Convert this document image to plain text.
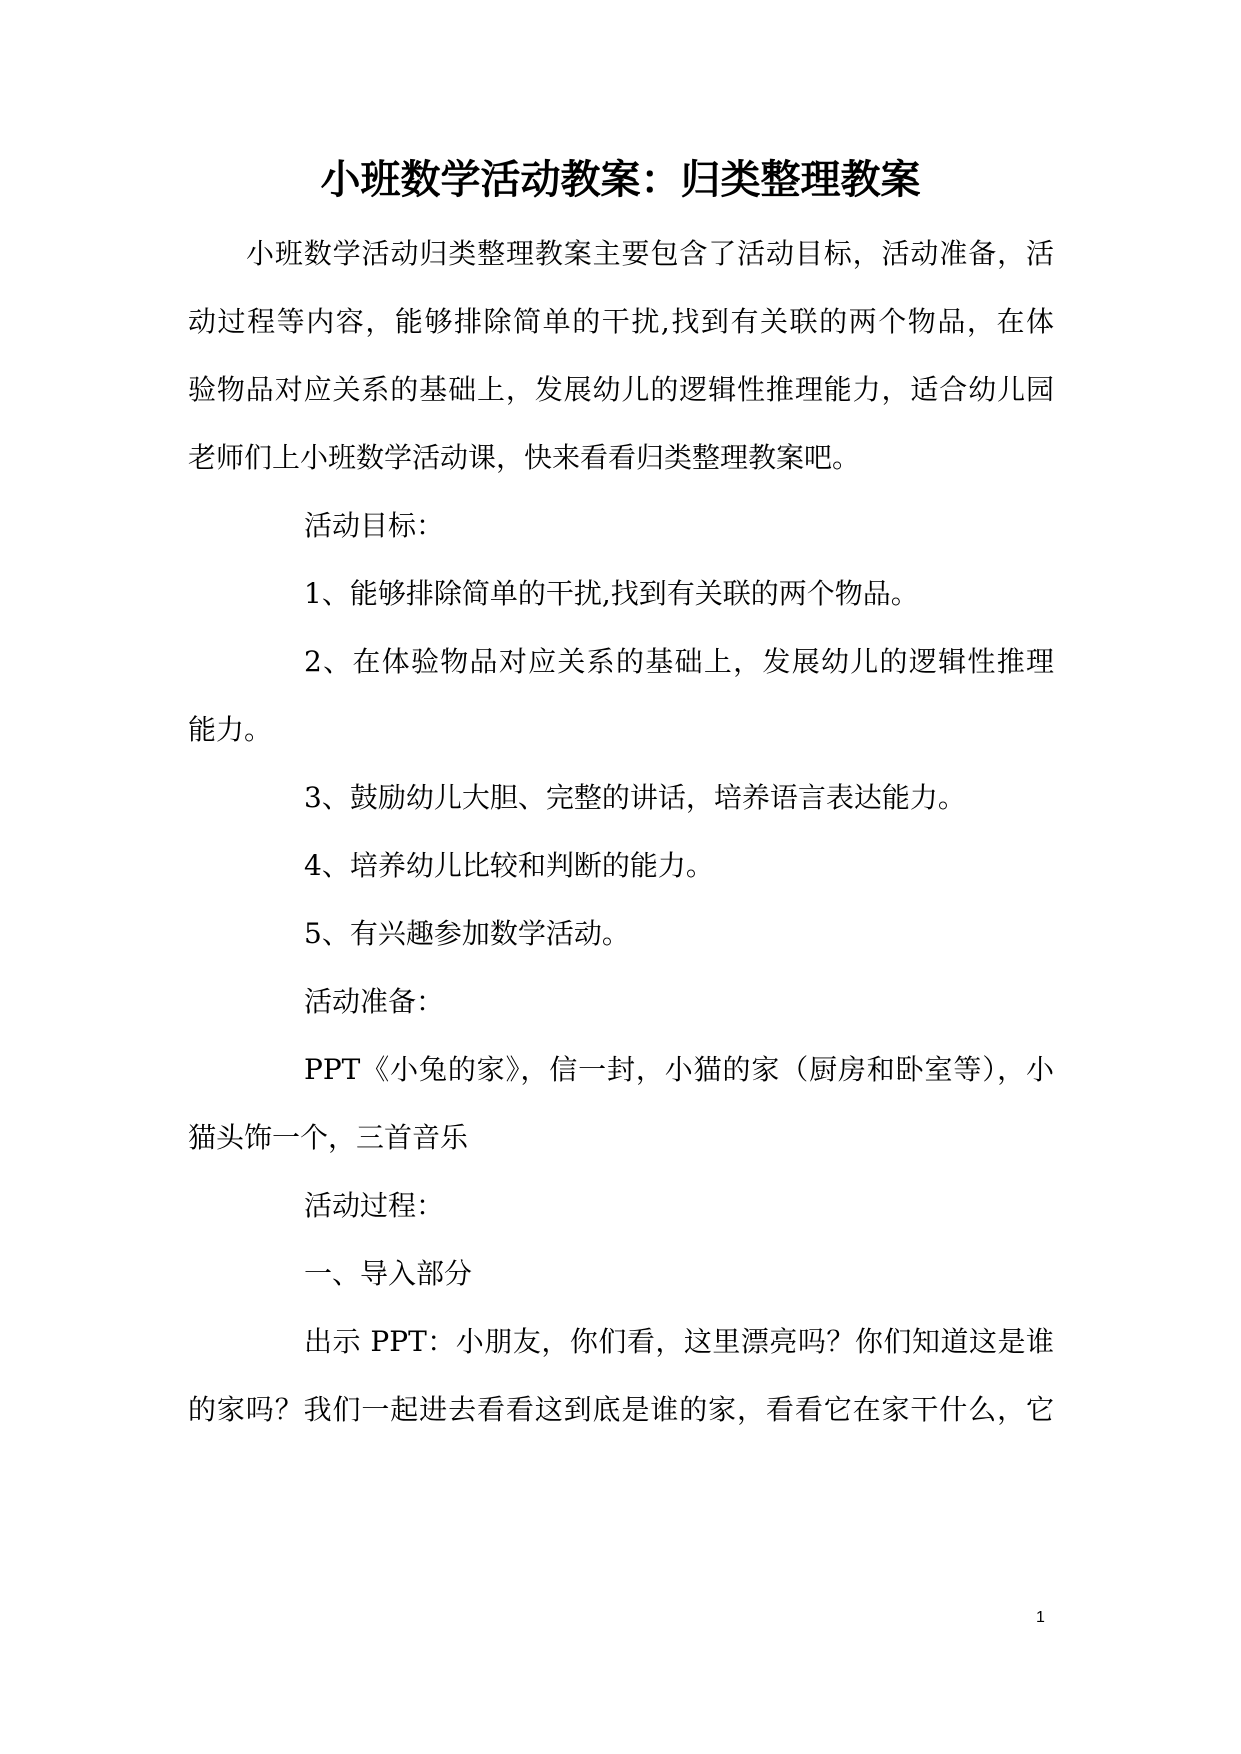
小班数学活动教案：归类整理教案

小班数学活动归类整理教案主要包含了活动目标，活动准备，活

动过程等内容，能够排除简单的干扰,找到有关联的两个物品，在体

验物品对应关系的基础上，发展幼儿的逻辑性推理能力，适合幼儿园

老师们上小班数学活动课，快来看看归类整理教案吧。

活动目标：

1、能够排除简单的干扰,找到有关联的两个物品。

2、在体验物品对应关系的基础上，发展幼儿的逻辑性推理

能力。

3、鼓励幼儿大胆、完整的讲话，培养语言表达能力。

4、培养幼儿比较和判断的能力。

5、有兴趣参加数学活动。

活动准备：

PPT《小兔的家》，信一封，小猫的家（厨房和卧室等），小

猫头饰一个，三首音乐

活动过程：

一、导入部分

出示 PPT：小朋友，你们看，这里漂亮吗？你们知道这是谁

的家吗？我们一起进去看看这到底是谁的家，看看它在家干什么，它

1
